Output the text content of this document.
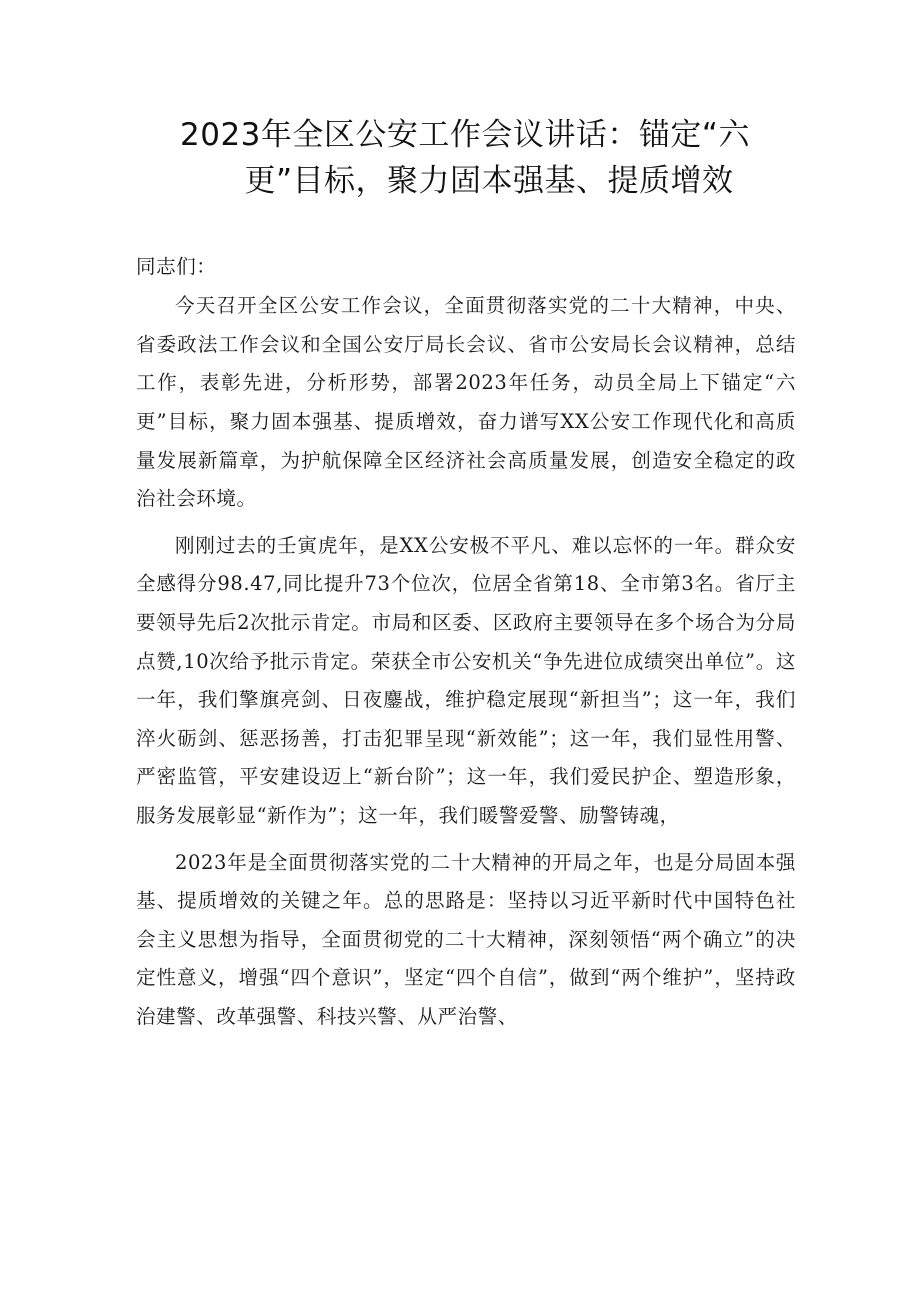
2023年全区公安工作会议讲话：锚定“六
更”目标，聚力固本强基、提质增效

同志们：

今天召开全区公安工作会议，全面贯彻落实党的二十大精神，中央、省委政法工作会议和全国公安厅局长会议、省市公安局长会议精神，总结工作，表彰先进，分析形势，部署2023年任务，动员全局上下锚定“六更”目标，聚力固本强基、提质增效，奋力谱写XX公安工作现代化和高质量发展新篇章，为护航保障全区经济社会高质量发展，创造安全稳定的政治社会环境。

刚刚过去的壬寅虎年，是XX公安极不平凡、难以忘怀的一年。群众安全感得分98.47,同比提升73个位次，位居全省第18、全市第3名。省厅主要领导先后2次批示肯定。市局和区委、区政府主要领导在多个场合为分局点赞,10次给予批示肯定。荣获全市公安机关“争先进位成绩突出单位”。这一年，我们擎旗亮剑、日夜鏖战，维护稳定展现“新担当”；这一年，我们淬火砺剑、惩恶扬善，打击犯罪呈现“新效能”；这一年，我们显性用警、严密监管，平安建设迈上“新台阶”；这一年，我们爱民护企、塑造形象，服务发展彰显“新作为”；这一年，我们暖警爱警、励警铸魂，

2023年是全面贯彻落实党的二十大精神的开局之年，也是分局固本强基、提质增效的关键之年。总的思路是：坚持以习近平新时代中国特色社会主义思想为指导，全面贯彻党的二十大精神，深刻领悟“两个确立”的决定性意义，增强“四个意识”，坚定“四个自信”，做到“两个维护”，坚持政治建警、改革强警、科技兴警、从严治警、
